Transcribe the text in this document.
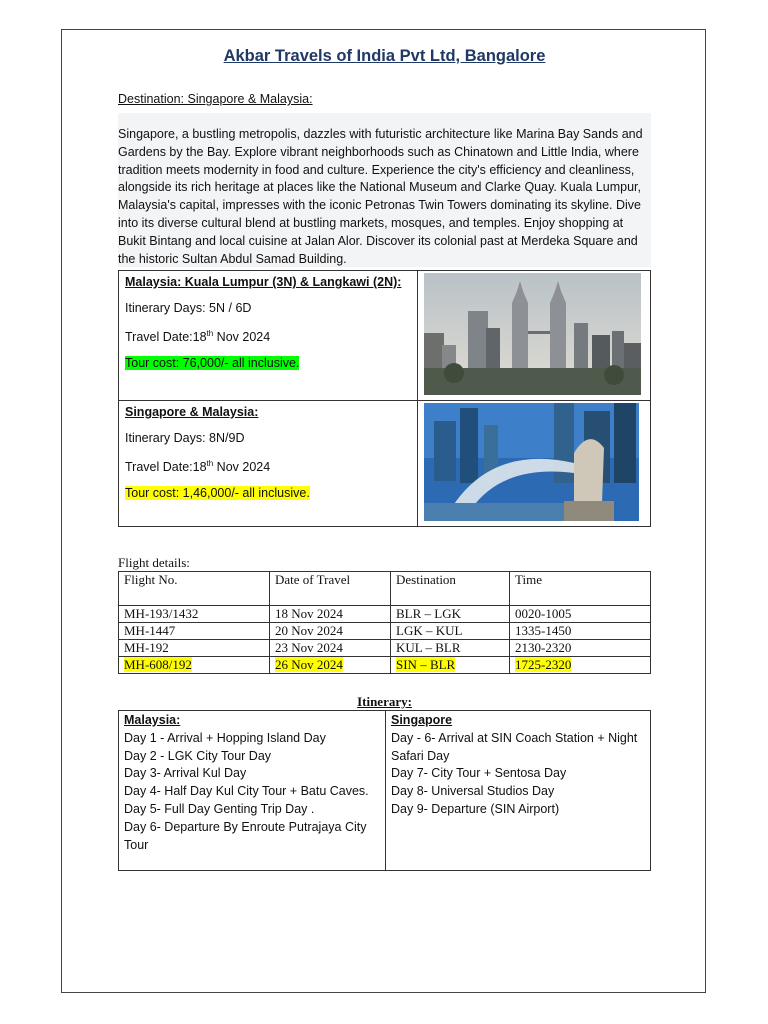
Akbar Travels of India Pvt Ltd, Bangalore
Destination: Singapore & Malaysia:
Singapore, a bustling metropolis, dazzles with futuristic architecture like Marina Bay Sands and Gardens by the Bay. Explore vibrant neighborhoods such as Chinatown and Little India, where tradition meets modernity in food and culture. Experience the city's efficiency and cleanliness, alongside its rich heritage at places like the National Museum and Clarke Quay. Kuala Lumpur, Malaysia's capital, impresses with the iconic Petronas Twin Towers dominating its skyline. Dive into its diverse cultural blend at bustling markets, mosques, and temples. Enjoy shopping at Bukit Bintang and local cuisine at Jalan Alor. Discover its colonial past at Merdeka Square and the historic Sultan Abdul Samad Building.
Malaysia: Kuala Lumpur (3N) & Langkawi (2N):
Itinerary Days: 5N / 6D
Travel Date:18th Nov 2024
Tour cost: 76,000/- all inclusive.

Singapore & Malaysia:
Itinerary Days: 8N/9D
Travel Date:18th Nov 2024
Tour cost: 1,46,000/- all inclusive.

Flight details:
Flight No.	Date of Travel	Destination	Time
MH-193/1432	18 Nov 2024	BLR – LGK	0020-1005
MH-1447	20 Nov 2024	LGK – KUL	1335-1450
MH-192	23 Nov 2024	KUL – BLR	2130-2320
MH-608/192	26 Nov 2024	SIN – BLR	1725-2320
Itinerary:
Malaysia:
Day 1 - Arrival + Hopping Island Day
Day 2 - LGK City Tour Day
Day 3- Arrival Kul Day
Day 4- Half Day Kul City Tour + Batu Caves.
Day 5- Full Day Genting Trip Day .
Day 6- Departure By Enroute Putrajaya City Tour

Singapore
Day - 6- Arrival at SIN Coach Station + Night Safari Day
Day 7- City Tour + Sentosa Day
Day 8- Universal Studios Day
Day 9- Departure (SIN Airport)
